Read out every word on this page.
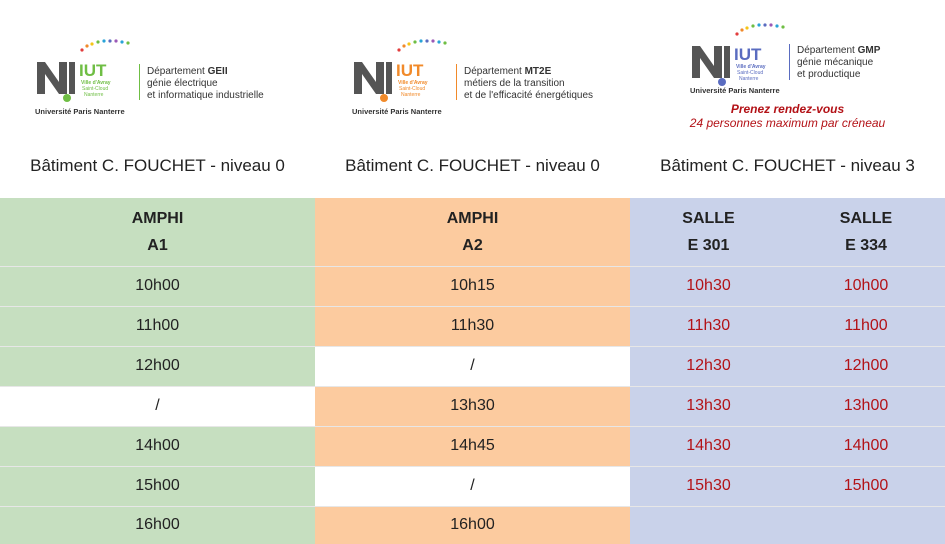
IUT
Ville d'Avray
Saint-Cloud
Nanterre
Département GEII
génie électrique
et informatique industrielle
Université Paris Nanterre
IUT
Ville d'Avray
Saint-Cloud
Nanterre
Département MT2E
métiers de la transition
et de l'efficacité énergétiques
Université Paris Nanterre
IUT
Ville d'Avray
Saint-Cloud
Nanterre
Département GMP
génie mécanique
et productique
Université Paris Nanterre
Prenez rendez-vous
24 personnes maximum par créneau
Bâtiment C. FOUCHET - niveau 0	Bâtiment C. FOUCHET - niveau 0	Bâtiment C. FOUCHET - niveau 3
AMPHI
A1
AMPHI
A2
SALLE
E 301
SALLE
E 334
10h00	10h15	10h30	10h00
11h00	11h30	11h30	11h00
12h00	/	12h30	12h00
/	13h30	13h30	13h00
14h00	14h45	14h30	14h00
15h00	/	15h30	15h00
16h00	16h00
